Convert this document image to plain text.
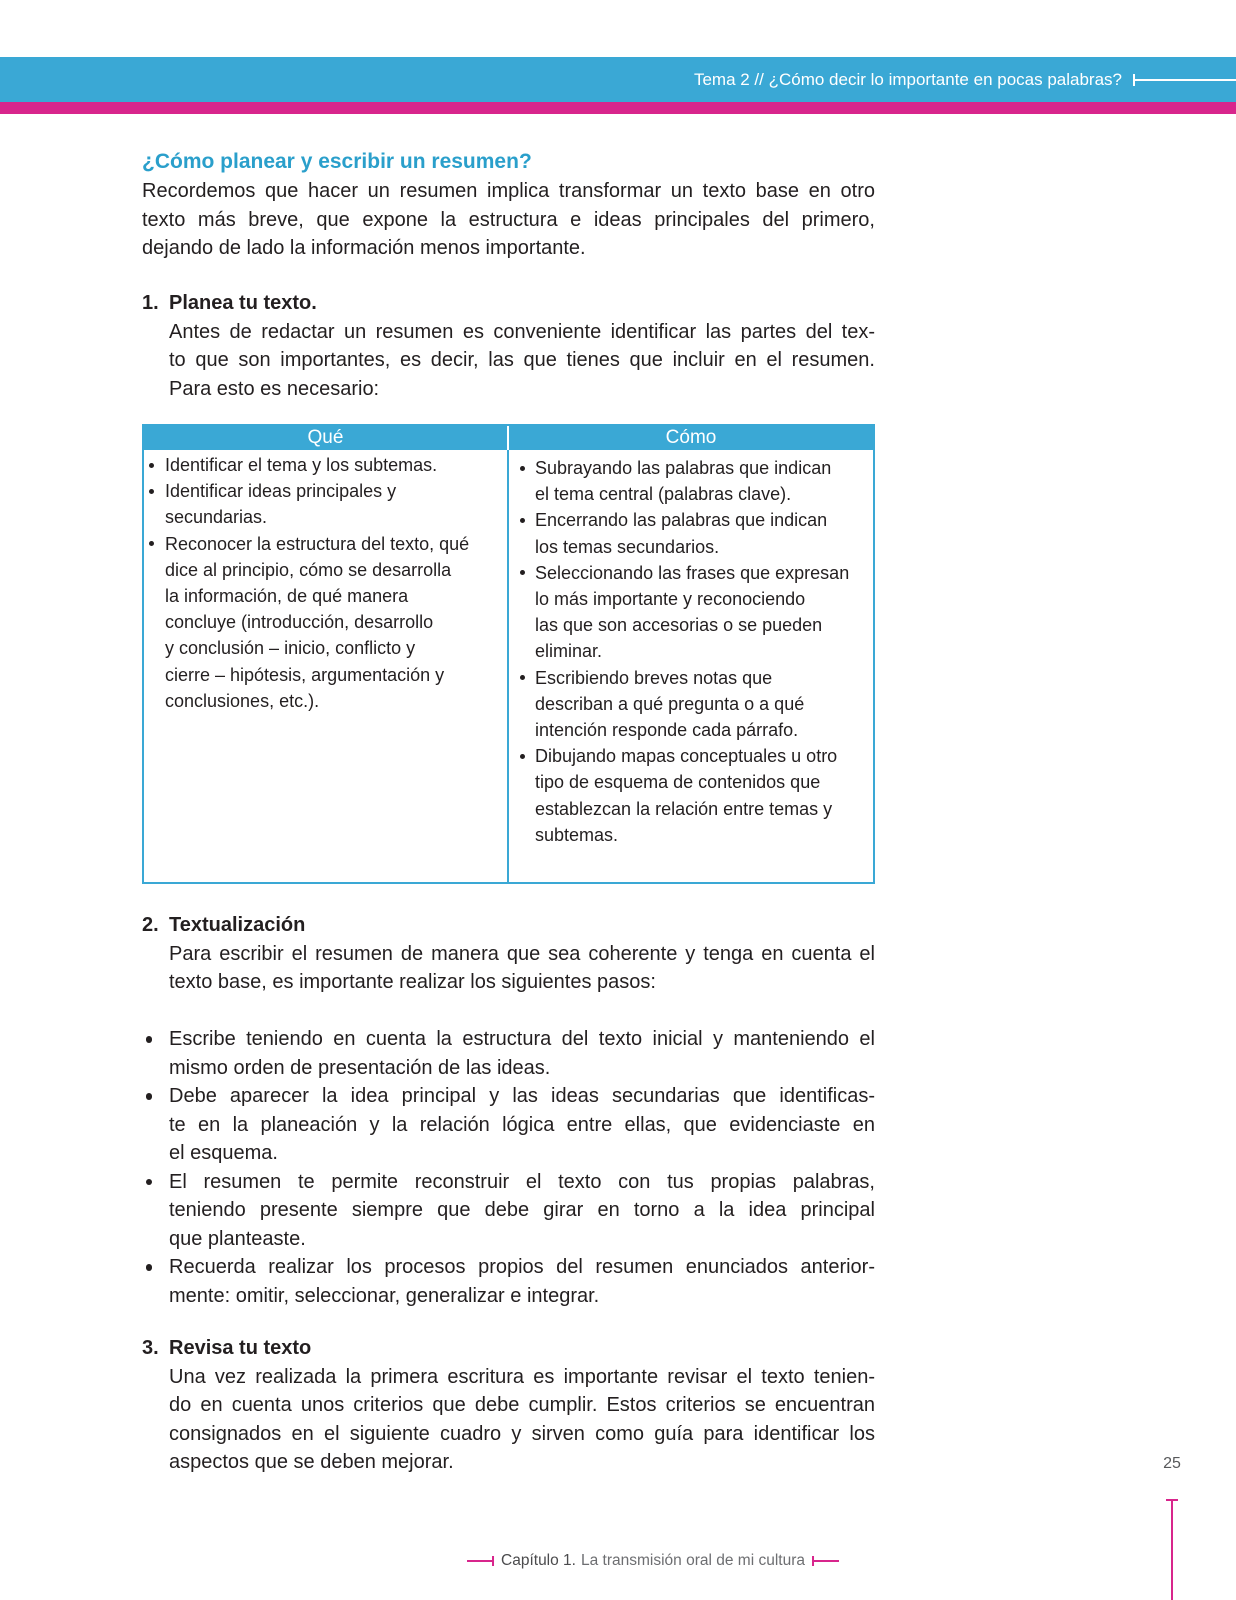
Tema 2 // ¿Cómo decir lo importante en pocas palabras?
¿Cómo planear y escribir un resumen?
Recordemos que hacer un resumen implica transformar un texto base en otro
texto más breve, que expone la estructura e ideas principales del primero,
dejando de lado la información menos importante.
1. Planea tu texto.
Antes de redactar un resumen es conveniente identificar las partes del tex-
to que son importantes, es decir, las que tienes que incluir en el resumen.
Para esto es necesario:
Qué	Cómo
Identificar el tema y los subtemas.
Identificar ideas principales y
secundarias.
Reconocer la estructura del texto, qué
dice al principio, cómo se desarrolla
la información, de qué manera
concluye (introducción, desarrollo
y conclusión – inicio, conflicto y
cierre – hipótesis, argumentación y
conclusiones, etc.).
Subrayando las palabras que indican
el tema central (palabras clave).
Encerrando las palabras que indican
los temas secundarios.
Seleccionando las frases que expresan
lo más importante y reconociendo
las que son accesorias o se pueden
eliminar.
Escribiendo breves notas que
describan a qué pregunta o a qué
intención responde cada párrafo.
Dibujando mapas conceptuales u otro
tipo de esquema de contenidos que
establezcan la relación entre temas y
subtemas.
2. Textualización
Para escribir el resumen de manera que sea coherente y tenga en cuenta el
texto base, es importante realizar los siguientes pasos:
Escribe teniendo en cuenta la estructura del texto inicial y manteniendo el
mismo orden de presentación de las ideas.
Debe aparecer la idea principal y las ideas secundarias que identificas-
te en la planeación y la relación lógica entre ellas, que evidenciaste en
el esquema.
El resumen te permite reconstruir el texto con tus propias palabras,
teniendo presente siempre que debe girar en torno a la idea principal
que planteaste.
Recuerda realizar los procesos propios del resumen enunciados anterior-
mente: omitir, seleccionar, generalizar e integrar.
3. Revisa tu texto
Una vez realizada la primera escritura es importante revisar el texto tenien-
do en cuenta unos criterios que debe cumplir. Estos criterios se encuentran
consignados en el siguiente cuadro y sirven como guía para identificar los
aspectos que se deben mejorar.	25
Capítulo 1. La transmisión oral de mi cultura
